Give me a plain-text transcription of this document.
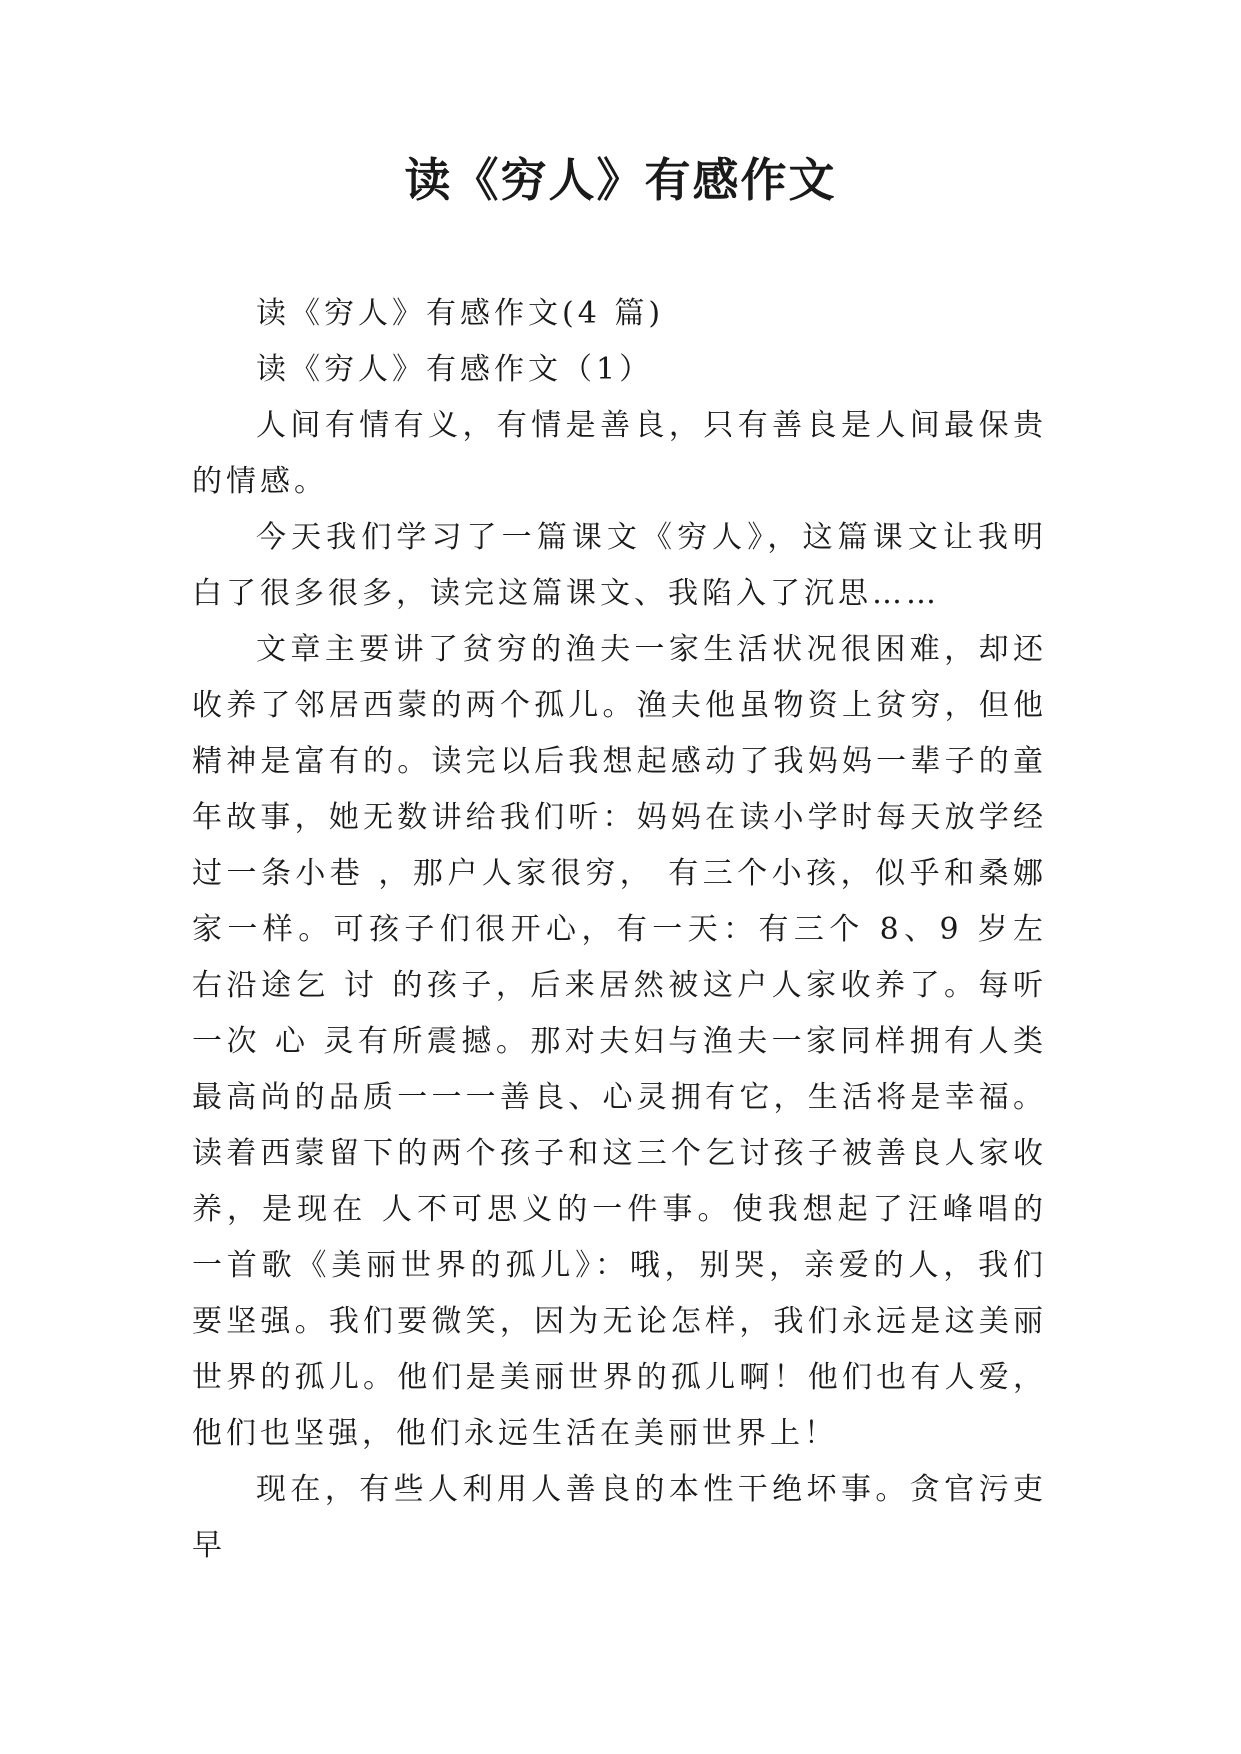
读《穷人》有感作文

读《穷人》有感作文(4 篇)

读《穷人》有感作文（1）

人间有情有义，有情是善良，只有善良是人间最保贵的情感。

今天我们学习了一篇课文《穷人》，这篇课文让我明白了很多很多，读完这篇课文、我陷入了沉思……

文章主要讲了贫穷的渔夫一家生活状况很困难，却还收养了邻居西蒙的两个孤儿。渔夫他虽物资上贫穷，但他精神是富有的。读完以后我想起感动了我妈妈一辈子的童年故事，她无数讲给我们听：妈妈在读小学时每天放学经过一条小巷 ，那户人家很穷， 有三个小孩，似乎和桑娜家一样。可孩子们很开心，有一天：有三个 8、9 岁左右沿途乞 讨 的孩子，后来居然被这户人家收养了。每听一次 心 灵有所震撼。那对夫妇与渔夫一家同样拥有人类最高尚的品质一一一善良、心灵拥有它，生活将是幸福。读着西蒙留下的两个孩子和这三个乞讨孩子被善良人家收养，是现在 人不可思义的一件事。使我想起了汪峰唱的一首歌《美丽世界的孤儿》：哦，别哭，亲爱的人，我们要坚强。我们要微笑，因为无论怎样，我们永远是这美丽世界的孤儿。他们是美丽世界的孤儿啊！他们也有人爱，他们也坚强，他们永远生活在美丽世界上！

现在，有些人利用人善良的本性干绝坏事。贪官污吏早
